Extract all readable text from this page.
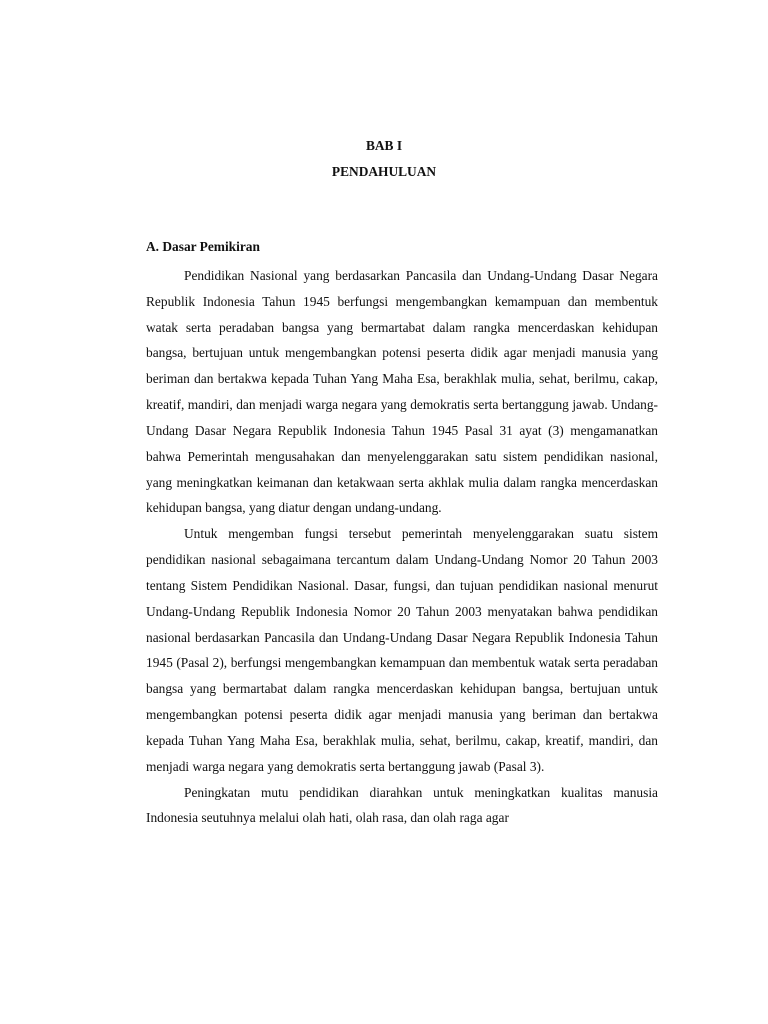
BAB I
PENDAHULUAN
A. Dasar Pemikiran

Pendidikan Nasional yang berdasarkan Pancasila dan Undang-Undang Dasar Negara Republik Indonesia Tahun 1945 berfungsi mengembangkan kemampuan dan membentuk watak serta peradaban bangsa yang bermartabat dalam rangka mencerdaskan kehidupan bangsa, bertujuan untuk mengembangkan potensi peserta didik agar menjadi manusia yang beriman dan bertakwa kepada Tuhan Yang Maha Esa, berakhlak mulia, sehat, berilmu, cakap, kreatif, mandiri, dan menjadi warga negara yang demokratis serta bertanggung jawab. Undang-Undang Dasar Negara Republik Indonesia Tahun 1945 Pasal 31 ayat (3) mengamanatkan bahwa Pemerintah mengusahakan dan menyelenggarakan satu sistem pendidikan nasional, yang meningkatkan keimanan dan ketakwaan serta akhlak mulia dalam rangka mencerdaskan kehidupan bangsa, yang diatur dengan undang-undang.

Untuk mengemban fungsi tersebut pemerintah menyelenggarakan suatu sistem pendidikan nasional sebagaimana tercantum dalam Undang-Undang Nomor 20 Tahun 2003 tentang Sistem Pendidikan Nasional. Dasar, fungsi, dan tujuan pendidikan nasional menurut Undang-Undang Republik Indonesia Nomor 20 Tahun 2003 menyatakan bahwa pendidikan nasional berdasarkan Pancasila dan Undang-Undang Dasar Negara Republik Indonesia Tahun 1945 (Pasal 2), berfungsi mengembangkan kemampuan dan membentuk watak serta peradaban bangsa yang bermartabat dalam rangka mencerdaskan kehidupan bangsa, bertujuan untuk mengembangkan potensi peserta didik agar menjadi manusia yang beriman dan bertakwa kepada Tuhan Yang Maha Esa, berakhlak mulia, sehat, berilmu, cakap, kreatif, mandiri, dan menjadi warga negara yang demokratis serta bertanggung jawab (Pasal 3).

Peningkatan mutu pendidikan diarahkan untuk meningkatkan kualitas manusia Indonesia seutuhnya melalui olah hati, olah rasa, dan olah raga agar
